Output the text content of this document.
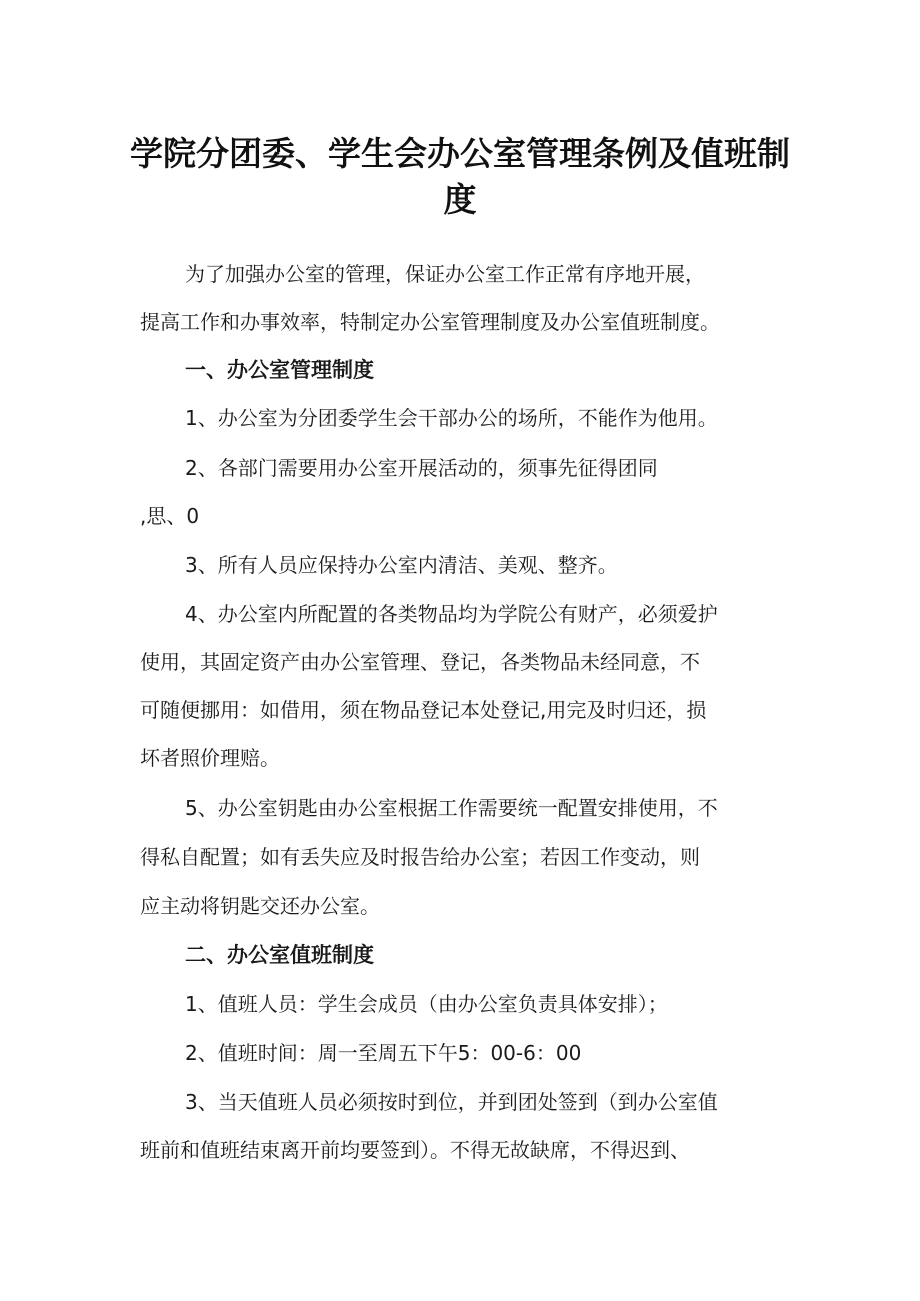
学院分团委、学生会办公室管理条例及值班制
度

为了加强办公室的管理，保证办公室工作正常有序地开展，

提高工作和办事效率，特制定办公室管理制度及办公室值班制度。

一、办公室管理制度

1、办公室为分团委学生会干部办公的场所，不能作为他用。

2、各部门需要用办公室开展活动的，须事先征得团同

,思、0

3、所有人员应保持办公室内清洁、美观、整齐。

4、办公室内所配置的各类物品均为学院公有财产，必须爱护

使用，其固定资产由办公室管理、登记，各类物品未经同意，不

可随便挪用：如借用，须在物品登记本处登记,用完及时归还，损

坏者照价理赔。

5、办公室钥匙由办公室根据工作需要统一配置安排使用，不

得私自配置；如有丢失应及时报告给办公室；若因工作变动，则

应主动将钥匙交还办公室。

二、办公室值班制度

1、值班人员：学生会成员（由办公室负责具体安排）；

2、值班时间：周一至周五下午5：00-6：00

3、当天值班人员必须按时到位，并到团处签到（到办公室值

班前和值班结束离开前均要签到）。不得无故缺席，不得迟到、
